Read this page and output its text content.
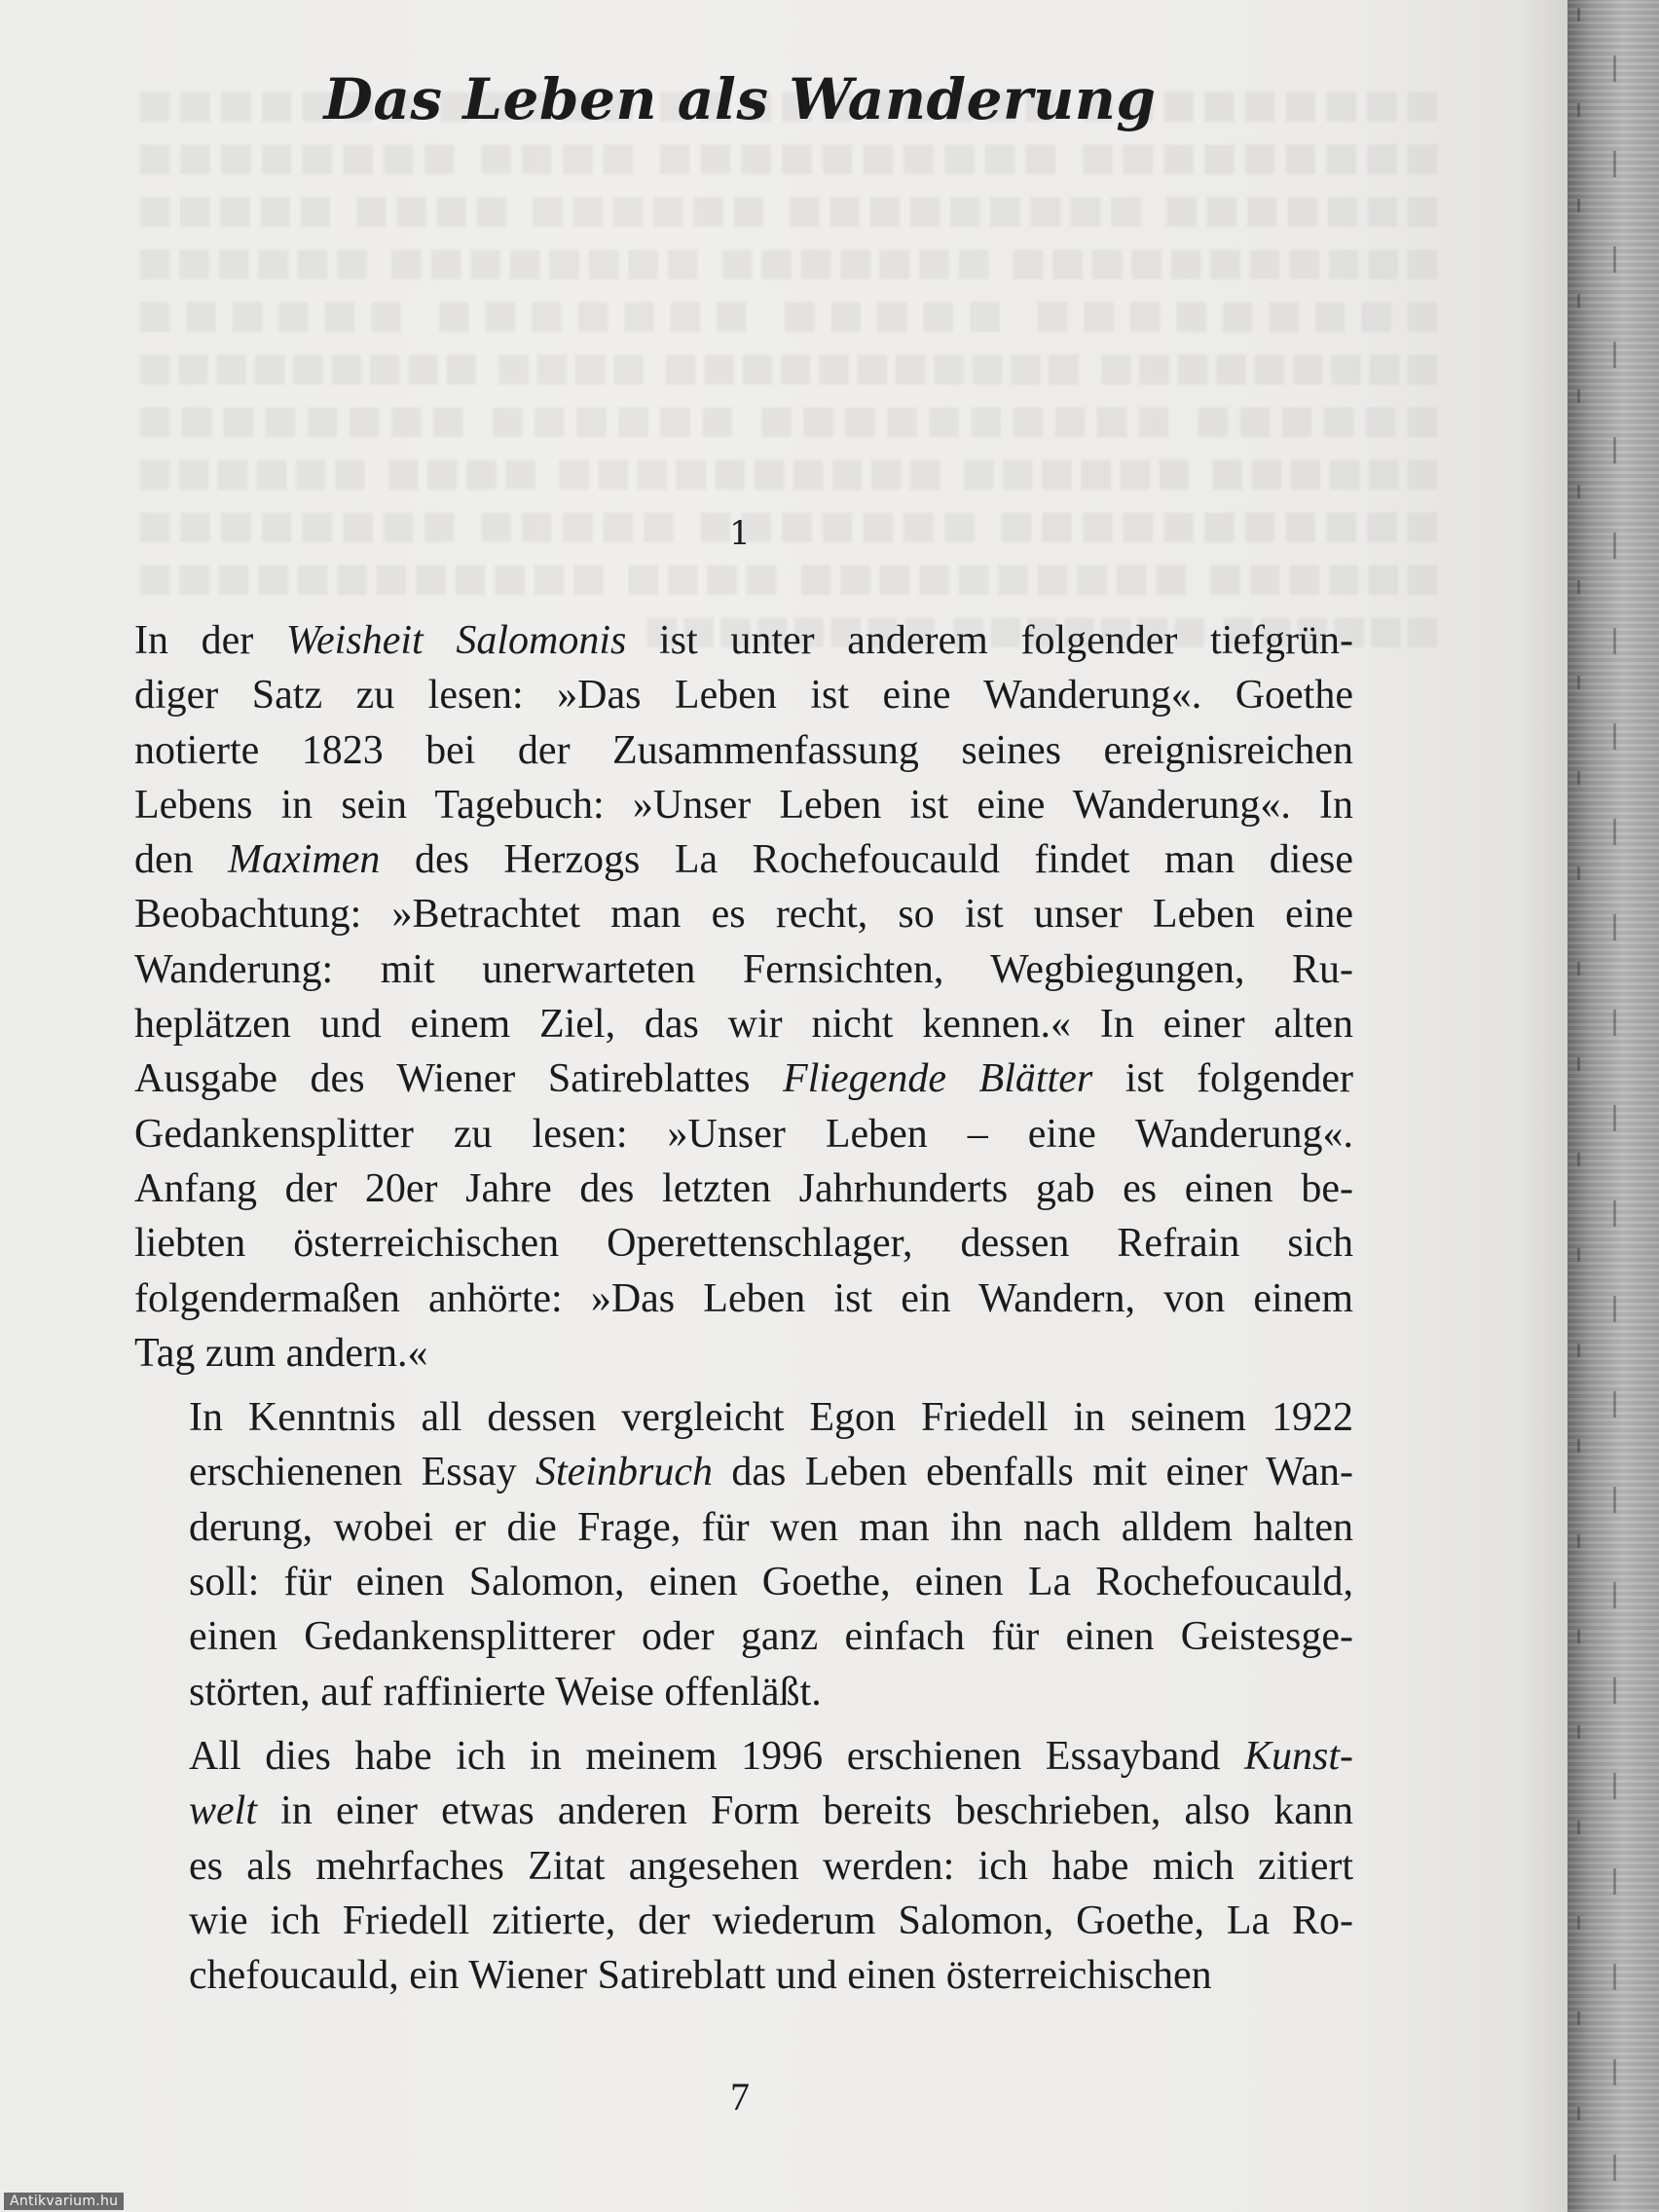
Das Leben als Wanderung
1

In der Weisheit Salomonis ist unter anderem folgender tiefgrün-
diger Satz zu lesen: »Das Leben ist eine Wanderung«. Goethe
notierte 1823 bei der Zusammenfassung seines ereignisreichen
Lebens in sein Tagebuch: »Unser Leben ist eine Wanderung«. In
den Maximen des Herzogs La Rochefoucauld findet man diese
Beobachtung: »Betrachtet man es recht, so ist unser Leben eine
Wanderung: mit unerwarteten Fernsichten, Wegbiegungen, Ru-
heplätzen und einem Ziel, das wir nicht kennen.« In einer alten
Ausgabe des Wiener Satireblattes Fliegende Blätter ist folgender
Gedankensplitter zu lesen: »Unser Leben – eine Wanderung«.
Anfang der 20er Jahre des letzten Jahrhunderts gab es einen be-
liebten österreichischen Operettenschlager, dessen Refrain sich
folgendermaßen anhörte: »Das Leben ist ein Wandern, von einem
Tag zum andern.«

In Kenntnis all dessen vergleicht Egon Friedell in seinem 1922
erschienenen Essay Steinbruch das Leben ebenfalls mit einer Wan-
derung, wobei er die Frage, für wen man ihn nach alldem halten
soll: für einen Salomon, einen Goethe, einen La Rochefoucauld,
einen Gedankensplitterer oder ganz einfach für einen Geistesge-
störten, auf raffinierte Weise offenläßt.

All dies habe ich in meinem 1996 erschienen Essayband Kunst-
welt in einer etwas anderen Form bereits beschrieben, also kann
es als mehrfaches Zitat angesehen werden: ich habe mich zitiert
wie ich Friedell zitierte, der wiederum Salomon, Goethe, La Ro-
chefoucauld, ein Wiener Satireblatt und einen österreichischen

7
Antikvarium.hu
